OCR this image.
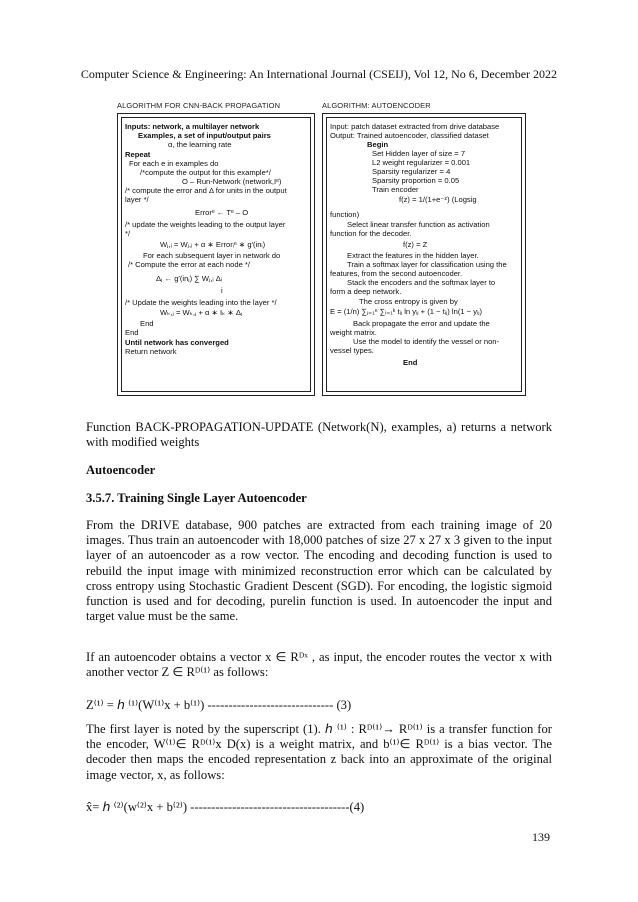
Computer Science & Engineering: An International Journal (CSEIJ), Vol 12, No 6, December 2022
ALGORITHM FOR CNN-BACK PROPAGATION
Inputs: network, a multilayer network
Examples, a set of input/output pairs
α, the learning rate
Repeat
For each e in examples do
/*compute the output for this example*/
O – Run-Network (network,Iᵉ)
/* compute the error and Δ for units in the output
layer */
Errorᵉ ← Tᵉ – O
/* update the weights leading to the output layer
*/
Wⱼ,ᵢ = Wⱼ,ᵢ + α ∗ Errorᵢᵉ ∗ g′(inᵢ)
For each subsequent layer in network do
/* Compute the error at each node */
Δⱼ ← g′(inⱼ) ∑ Wⱼ,ᵢ Δᵢ
i
/* Update the weights leading into the layer */
Wₖ,ⱼ = Wₖ,ⱼ + α ∗ Iₖ ∗ Δⱼ
End
End
Until network has converged
Return network
ALGORITHM: AUTOENCODER
Input: patch dataset extracted from drive database
Output: Trained autoencoder, classified dataset
Begin
Set Hidden layer of size = 7
L2 weight regularizer = 0.001
Sparsity regularizer = 4
Sparsity proportion = 0.05
Train encoder
f(z) = 1/(1+e⁻ᶻ) (Logsig
function)
Select linear transfer function as activation
function for the decoder.
f(z) = Z
Extract the features in the hidden layer.
Train a softmax layer for classification using the
features, from the second autoencoder.
Stack the encoders and the softmax layer to
form a deep network.
The cross entropy is given by
E = (1/n) ∑ⱼ₌₁ⁿ ∑ᵢ₌₁ᵏ tᵢⱼ ln yᵢⱼ + (1 − tᵢⱼ) ln(1 − yᵢⱼ)
Back propagate the error and update the
weight matrix.
Use the model to identify the vessel or non-
vessel types.
End
Function BACK-PROPAGATION-UPDATE (Network(N), examples, a) returns a network with modified weights
Autoencoder
3.5.7. Training Single Layer Autoencoder
From the DRIVE database, 900 patches are extracted from each training image of 20 images. Thus train an autoencoder with 18,000 patches of size 27 x 27 x 3 given to the input layer of an autoencoder as a row vector. The encoding and decoding function is used to rebuild the input image with minimized reconstruction error which can be calculated by cross entropy using Stochastic Gradient Descent (SGD). For encoding, the logistic sigmoid function is used and for decoding, purelin function is used. In autoencoder the input and target value must be the same.
If an autoencoder obtains a vector x ∈ Rᴰˣ , as input, the encoder routes the vector x with another vector Z ∈ Rᴰ⁽¹⁾ as follows:
Z⁽¹⁾ = ℎ ⁽¹⁾(W⁽¹⁾x + b⁽¹⁾) ------------------------------ (3)
The first layer is noted by the superscript (1). ℎ ⁽¹⁾ : Rᴰ⁽¹⁾→ Rᴰ⁽¹⁾ is a transfer function for the encoder, W⁽¹⁾∈ Rᴰ⁽¹⁾x D(x) is a weight matrix, and b⁽¹⁾∈ Rᴰ⁽¹⁾ is a bias vector. The decoder then maps the encoded representation z back into an approximate of the original image vector, x, as follows:
x̂= ℎ ⁽²⁾(w⁽²⁾x + b⁽²⁾) --------------------------------------(4)
139
